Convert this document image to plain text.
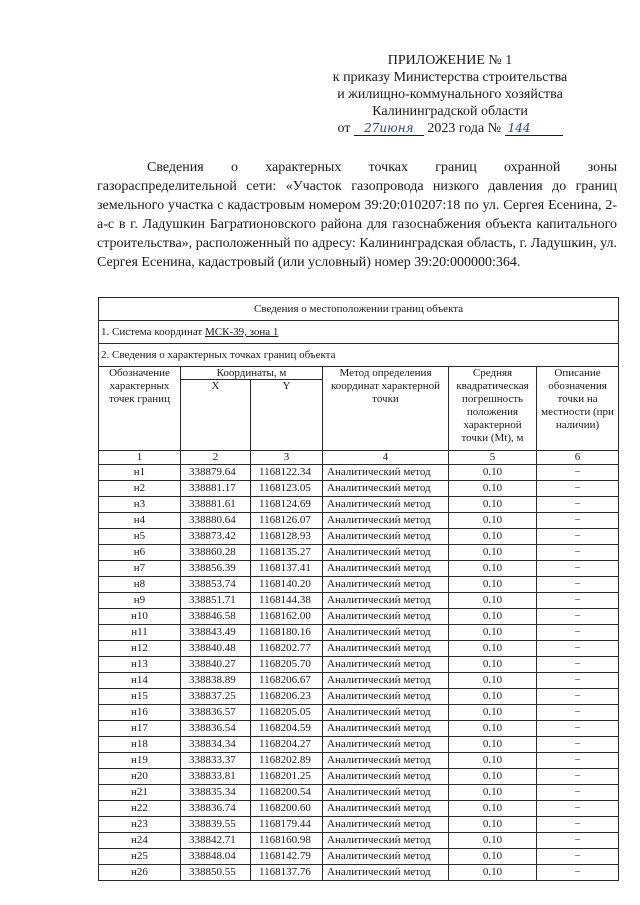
ПРИЛОЖЕНИЕ № 1
к приказу Министерства строительства
и жилищно-коммунального хозяйства
Калининградской области
от 27июня 2023 года № 144
Сведения о характерных точках границ охранной зоны газораспределительной сети: «Участок газопровода низкого давления до границ земельного участка с кадастровым номером 39:20:010207:18 по ул. Сергея Есенина, 2-а-с в г. Ладушкин Багратионовского района для газоснабжения объекта капитального строительства», расположенный по адресу: Калининградская область, г. Ладушкин, ул. Сергея Есенина, кадастровый (или условный) номер 39:20:000000:364.
Сведения о местоположении границ объекта					
1. Система координат МСК-39, зона 1					
2. Сведения о характерных точках границ объекта					
Обозначение характерных точек границ	Координаты, м		Метод определения координат характерной точки	Средняя квадратическая погрешность положения характерной точки (Mt), м	Описание обозначения точки на местности (при наличии)
	X	Y			
1	2	3	4	5	6
н1	338879.64	1168122.34	Аналитический метод	0.10	–
н2	338881.17	1168123.05	Аналитический метод	0.10	–
н3	338881.61	1168124.69	Аналитический метод	0.10	–
н4	338880.64	1168126.07	Аналитический метод	0.10	–
н5	338873.42	1168128.93	Аналитический метод	0.10	–
н6	338860.28	1168135.27	Аналитический метод	0.10	–
н7	338856.39	1168137.41	Аналитический метод	0.10	–
н8	338853.74	1168140.20	Аналитический метод	0.10	–
н9	338851.71	1168144.38	Аналитический метод	0.10	–
н10	338846.58	1168162.00	Аналитический метод	0.10	–
н11	338843.49	1168180.16	Аналитический метод	0.10	–
н12	338840.48	1168202.77	Аналитический метод	0.10	–
н13	338840.27	1168205.70	Аналитический метод	0.10	–
н14	338838.89	1168206.67	Аналитический метод	0.10	–
н15	338837.25	1168206.23	Аналитический метод	0.10	–
н16	338836.57	1168205.05	Аналитический метод	0.10	–
н17	338836.54	1168204.59	Аналитический метод	0.10	–
н18	338834.34	1168204.27	Аналитический метод	0.10	–
н19	338833.37	1168202.89	Аналитический метод	0.10	–
н20	338833.81	1168201.25	Аналитический метод	0.10	–
н21	338835.34	1168200.54	Аналитический метод	0.10	–
н22	338836.74	1168200.60	Аналитический метод	0.10	–
н23	338839.55	1168179.44	Аналитический метод	0.10	–
н24	338842.71	1168160.98	Аналитический метод	0.10	–
н25	338848.04	1168142.79	Аналитический метод	0.10	–
н26	338850.55	1168137.76	Аналитический метод	0.10	–
